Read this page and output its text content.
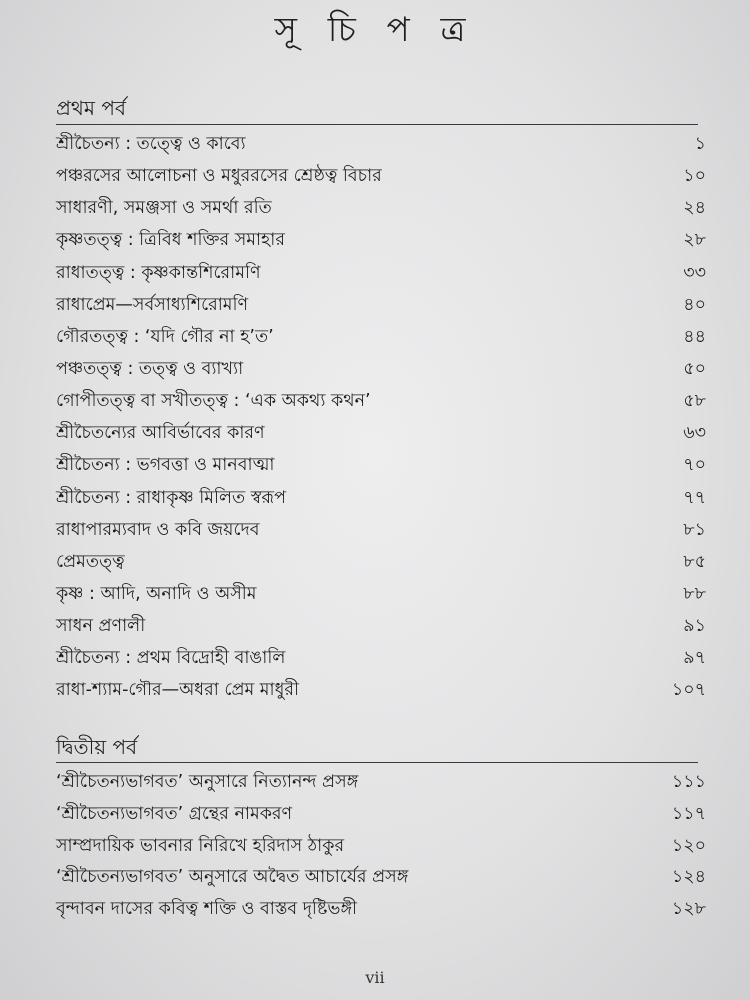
সূ চি প ত্র
প্রথম পর্ব
শ্রীচৈতন্য : তত্ত্বে ও কাব্যে	১
পঞ্চরসের আলোচনা ও মধুররসের শ্রেষ্ঠত্ব বিচার	১০
সাধারণী, সমঞ্জসা ও সমর্থা রতি	২৪
কৃষ্ণতত্ত্ব : ত্রিবিধ শক্তির সমাহার	২৮
রাধাতত্ত্ব : কৃষ্ণকান্তশিরোমণি	৩৩
রাধাপ্রেম—সর্বসাধ্যশিরোমণি	৪০
গৌরতত্ত্ব : ‘যদি গৌর না হ’ত’	৪৪
পঞ্চতত্ত্ব : তত্ত্ব ও ব্যাখ্যা	৫০
গোপীতত্ত্ব বা সখীতত্ত্ব : ‘এক অকথ্য কথন’	৫৮
শ্রীচৈতন্যের আবির্ভাবের কারণ	৬৩
শ্রীচৈতন্য : ভগবত্তা ও মানবাত্মা	৭০
শ্রীচৈতন্য : রাধাকৃষ্ণ মিলিত স্বরূপ	৭৭
রাধাপারম্যবাদ ও কবি জয়দেব	৮১
প্রেমতত্ত্ব	৮৫
কৃষ্ণ : আদি, অনাদি ও অসীম	৮৮
সাধন প্রণালী	৯১
শ্রীচৈতন্য : প্রথম বিদ্রোহী বাঙালি	৯৭
রাধা-শ্যাম-গৌর—অধরা প্রেম মাধুরী	১০৭
দ্বিতীয় পর্ব
‘শ্রীচৈতন্যভাগবত’ অনুসারে নিত্যানন্দ প্রসঙ্গ	১১১
‘শ্রীচৈতন্যভাগবত’ গ্রন্থের নামকরণ	১১৭
সাম্প্রদায়িক ভাবনার নিরিখে হরিদাস ঠাকুর	১২০
‘শ্রীচৈতন্যভাগবত’ অনুসারে অদ্বৈত আচার্যের প্রসঙ্গ	১২৪
বৃন্দাবন দাসের কবিত্ব শক্তি ও বাস্তব দৃষ্টিভঙ্গী	১২৮
vii
